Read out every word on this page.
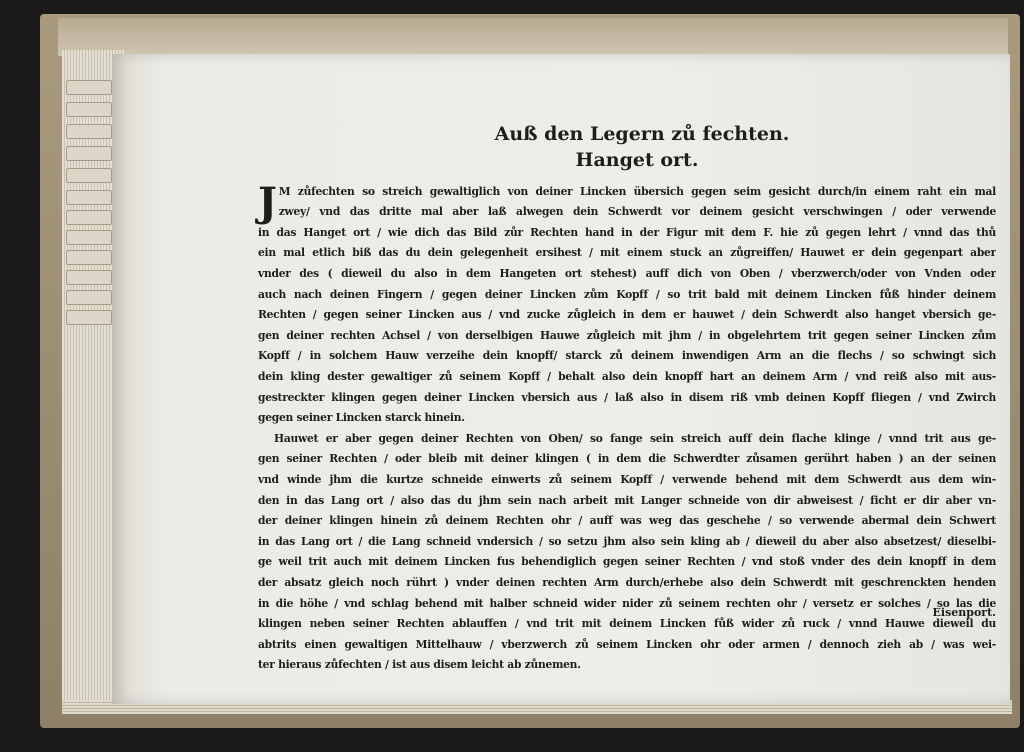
Auß den Legern zů fechten.
Hanget ort.
J M zůfechten so streich gewaltiglich von deiner Lincken übersich gegen seim gesicht durch/in einem raht ein mal
zwey/ vnd das dritte mal aber laß alwegen dein Schwerdt vor deinem gesicht verschwingen / oder verwende
in das Hanget ort / wie dich das Bild zůr Rechten hand in der Figur mit dem F. hie zů gegen lehrt / vnnd das thů
ein mal etlich biß das du dein gelegenheit ersihest / mit einem stuck an zůgreiffen/ Hauwet er dein gegenpart aber
vnder des ( dieweil du also in dem Hangeten ort stehest) auff dich von Oben / vberzwerch/oder von Vnden oder
auch nach deinen Fingern / gegen deiner Lincken zům Kopff / so trit bald mit deinem Lincken fůß hinder deinem
Rechten / gegen seiner Lincken aus / vnd zucke zůgleich in dem er hauwet / dein Schwerdt also hanget vbersich ge-
gen deiner rechten Achsel / von derselbigen Hauwe zůgleich mit jhm / in obgelehrtem trit gegen seiner Lincken zům
Kopff / in solchem Hauw verzeihe dein knopff/ starck zů deinem inwendigen Arm an die flechs / so schwingt sich
dein kling dester gewaltiger zů seinem Kopff / behalt also dein knopff hart an deinem Arm / vnd reiß also mit aus-
gestreckter klingen gegen deiner Lincken vbersich aus / laß also in disem riß vmb deinen Kopff fliegen / vnd Zwirch
gegen seiner Lincken starck hinein.
Hauwet er aber gegen deiner Rechten von Oben/ so fange sein streich auff dein flache klinge / vnnd trit aus ge-
gen seiner Rechten / oder bleib mit deiner klingen ( in dem die Schwerdter zůsamen gerührt haben ) an der seinen
vnd winde jhm die kurtze schneide einwerts zů seinem Kopff / verwende behend mit dem Schwerdt aus dem win-
den in das Lang ort / also das du jhm sein nach arbeit mit Langer schneide von dir abweisest / ficht er dir aber vn-
der deiner klingen hinein zů deinem Rechten ohr / auff was weg das geschehe / so verwende abermal dein Schwert
in das Lang ort / die Lang schneid vndersich / so setzu jhm also sein kling ab / dieweil du aber also absetzest/ dieselbi-
ge weil trit auch mit deinem Lincken fus behendiglich gegen seiner Rechten / vnd stoß vnder des dein knopff in dem
der absatz gleich noch rührt ) vnder deinen rechten Arm durch/erhebe also dein Schwerdt mit geschrenckten henden
in die höhe / vnd schlag behend mit halber schneid wider nider zů seinem rechten ohr / versetz er solches / so las die
klingen neben seiner Rechten ablauffen / vnd trit mit deinem Lincken fůß wider zů ruck / vnnd Hauwe dieweil du
abtrits einen gewaltigen Mittelhauw / vberzwerch zů seinem Lincken ohr oder armen / dennoch zieh ab / was wei-
ter hieraus zůfechten / ist aus disem leicht ab zůnemen.
Eisenport.
